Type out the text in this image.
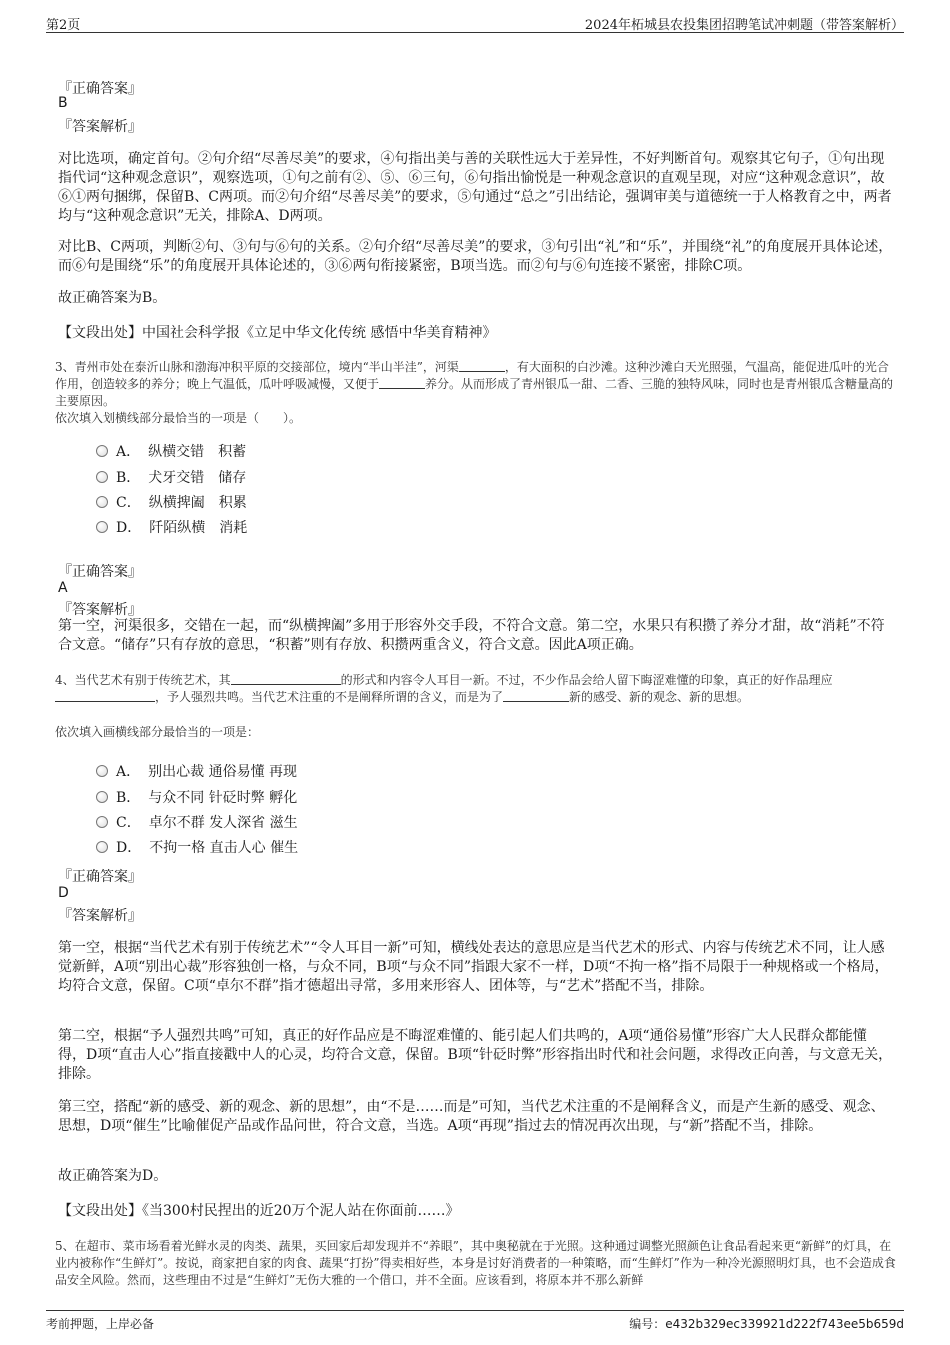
第2页	2024年柘城县农投集团招聘笔试冲刺题（带答案解析）
『正确答案』
B
『答案解析』
对比选项，确定首句。②句介绍“尽善尽美”的要求，④句指出美与善的关联性远大于差异性，不好判断首句。观察其它句子，①句出现指代词“这种观念意识”，观察选项，①句之前有②、⑤、⑥三句，⑥句指出愉悦是一种观念意识的直观呈现，对应“这种观念意识”，故⑥①两句捆绑，保留B、C两项。而②句介绍“尽善尽美”的要求，⑤句通过“总之”引出结论，强调审美与道德统一于人格教育之中，两者均与“这种观念意识”无关，排除A、D两项。
对比B、C两项，判断②句、③句与⑥句的关系。②句介绍“尽善尽美”的要求，③句引出“礼”和“乐”，并围绕“礼”的角度展开具体论述，而⑥句是围绕“乐”的角度展开具体论述的，③⑥两句衔接紧密，B项当选。而②句与⑥句连接不紧密，排除C项。
故正确答案为B。
【文段出处】中国社会科学报《立足中华文化传统 感悟中华美育精神》

3、青州市处在泰沂山脉和渤海冲积平原的交接部位，境内“半山半洼”，河渠	，有大面积的白沙滩。这种沙滩白天光照强，气温高，能促进瓜叶的光合作用，创造较多的养分；晚上气温低，瓜叶呼吸减慢，又便于	养分。从而形成了青州银瓜一甜、二香、三脆的独特风味，同时也是青州银瓜含糖量高的主要原因。

依次填入划横线部分最恰当的一项是（　　）。

A． 纵横交错　积蓄
B． 犬牙交错　储存
C． 纵横捭阖　积累
D． 阡陌纵横　消耗
『正确答案』
A
『答案解析』
第一空，河渠很多，交错在一起，而“纵横捭阖”多用于形容外交手段，不符合文意。第二空，水果只有积攒了养分才甜，故“消耗”不符合文意。“储存”只有存放的意思，“积蓄”则有存放、积攒两重含义，符合文意。因此A项正确。

4、当代艺术有别于传统艺术，其	的形式和内容令人耳目一新。不过，不少作品会给人留下晦涩难懂的印象，真正的好作品理应，予人强烈共鸣。当代艺术注重的不是阐释所谓的含义，而是为了	新的感受、新的观念、新的思想。

依次填入画横线部分最恰当的一项是：
A． 别出心裁 通俗易懂 再现
B． 与众不同 针砭时弊 孵化
C． 卓尔不群 发人深省 滋生
D． 不拘一格 直击人心 催生
『正确答案』
D
『答案解析』
第一空，根据“当代艺术有别于传统艺术”“令人耳目一新”可知，横线处表达的意思应是当代艺术的形式、内容与传统艺术不同，让人感觉新鲜，A项“别出心裁”形容独创一格，与众不同，B项“与众不同”指跟大家不一样，D项“不拘一格”指不局限于一种规格或一个格局，均符合文意，保留。C项“卓尔不群”指才德超出寻常，多用来形容人、团体等，与“艺术”搭配不当，排除。
第二空，根据“予人强烈共鸣”可知，真正的好作品应是不晦涩难懂的、能引起人们共鸣的，A项“通俗易懂”形容广大人民群众都能懂得，D项“直击人心”指直接戳中人的心灵，均符合文意，保留。B项“针砭时弊”形容指出时代和社会问题，求得改正向善，与文意无关，排除。
第三空，搭配“新的感受、新的观念、新的思想”，由“不是……而是”可知，当代艺术注重的不是阐释含义，而是产生新的感受、观念、思想，D项“催生”比喻催促产品或作品问世，符合文意，当选。A项“再现”指过去的情况再次出现，与“新”搭配不当，排除。
故正确答案为D。
【文段出处】《当300村民捏出的近20万个泥人站在你面前……》
5、在超市、菜市场看着光鲜水灵的肉类、蔬果，买回家后却发现并不“养眼”，其中奥秘就在于光照。这种通过调整光照颜色让食品看起来更“新鲜”的灯具，在业内被称作“生鲜灯”。按说，商家把自家的肉食、蔬果“打扮”得卖相好些，本身是讨好消费者的一种策略，而“生鲜灯”作为一种冷光源照明灯具，也不会造成食品安全风险。然而，这些理由不过是“生鲜灯”无伤大雅的一个借口，并不全面。应该看到，将原本并不那么新鲜
考前押题，上岸必备	编号：e432b329ec339921d222f743ee5b659d
